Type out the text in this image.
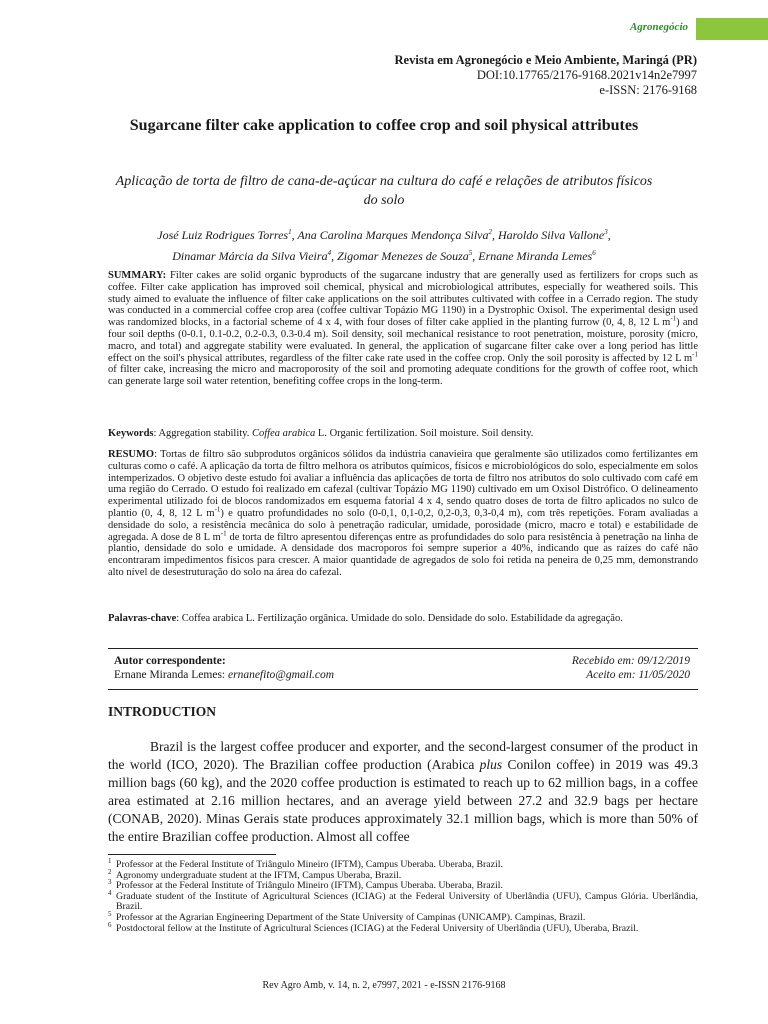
Agronegócio
Revista em Agronegócio e Meio Ambiente, Maringá (PR)
DOI:10.17765/2176-9168.2021v14n2e7997
e-ISSN: 2176-9168
Sugarcane filter cake application to coffee crop and soil physical attributes
Aplicação de torta de filtro de cana-de-açúcar na cultura do café e relações de atributos físicos do solo
José Luiz Rodrigues Torres$^1$, Ana Carolina Marques Mendonça Silva$^2$, Haroldo Silva Vallone$^3$,
Dinamar Márcia da Silva Vieira$^4$, Zigomar Menezes de Souza$^5$, Ernane Miranda Lemes$^6$
SUMMARY: Filter cakes are solid organic byproducts of the sugarcane industry that are generally used as fertilizers for crops such as coffee. Filter cake application has improved soil chemical, physical and microbiological attributes, especially for weathered soils. This study aimed to evaluate the influence of filter cake applications on the soil attributes cultivated with coffee in a Cerrado region. The study was conducted in a commercial coffee crop area (coffee cultivar Topázio MG 1190) in a Dystrophic Oxisol. The experimental design used was randomized blocks, in a factorial scheme of 4 x 4, with four doses of filter cake applied in the planting furrow (0, 4, 8, 12 L $m^{-1}$) and four soil depths (0-0.1, 0.1-0.2, 0.2-0.3, 0.3-0.4 m). Soil density, soil mechanical resistance to root penetration, moisture, porosity (micro, macro, and total) and aggregate stability were evaluated. In general, the application of sugarcane filter cake over a long period has little effect on the soil's physical attributes, regardless of the filter cake rate used in the coffee crop. Only the soil porosity is affected by 12 L $m^{-1}$ of filter cake, increasing the micro and macroporosity of the soil and promoting adequate conditions for the growth of coffee root, which can generate large soil water retention, benefiting coffee crops in the long-term.
Keywords: Aggregation stability. Coffea arabica L. Organic fertilization. Soil moisture. Soil density.
RESUMO: Tortas de filtro são subprodutos orgânicos sólidos da indústria canavieira que geralmente são utilizados como fertilizantes em culturas como o café. A aplicação da torta de filtro melhora os atributos químicos, físicos e microbiológicos do solo, especialmente em solos intemperizados. O objetivo deste estudo foi avaliar a influência das aplicações de torta de filtro nos atributos do solo cultivado com café em uma região do Cerrado. O estudo foi realizado em cafezal (cultivar Topázio MG 1190) cultivado em um Oxisol Distrófico. O delineamento experimental utilizado foi de blocos randomizados em esquema fatorial 4 x 4, sendo quatro doses de torta de filtro aplicados no sulco de plantio (0, 4, 8, 12 L $m^{-1}$) e quatro profundidades no solo (0-0,1, 0,1-0,2, 0,2-0,3, 0,3-0,4 m), com três repetições. Foram avaliadas a densidade do solo, a resistência mecânica do solo à penetração radicular, umidade, porosidade (micro, macro e total) e estabilidade de agregada. A dose de 8 L $m^{-1}$ de torta de filtro apresentou diferenças entre as profundidades do solo para resistência à penetração na linha de plantio, densidade do solo e umidade. A densidade dos macroporos foi sempre superior a 40%, indicando que as raízes do café não encontraram impedimentos físicos para crescer. A maior quantidade de agregados de solo foi retida na peneira de 0,25 mm, demonstrando alto nível de desestruturação do solo na área do cafezal.
Palavras-chave: Coffea arabica L. Fertilização orgânica. Umidade do solo. Densidade do solo. Estabilidade da agregação.
Autor correspondente:
Ernane Miranda Lemes: ernanefito@gmail.com
Recebido em: 09/12/2019
Aceito em: 11/05/2020
INTRODUCTION
Brazil is the largest coffee producer and exporter, and the second-largest consumer of the product in the world (ICO, 2020). The Brazilian coffee production (Arabica plus Conilon coffee) in 2019 was 49.3 million bags (60 kg), and the 2020 coffee production is estimated to reach up to 62 million bags, in a coffee area estimated at 2.16 million hectares, and an average yield between 27.2 and 32.9 bags per hectare (CONAB, 2020). Minas Gerais state produces approximately 32.1 million bags, which is more than 50% of the entire Brazilian coffee production. Almost all coffee
1 Professor at the Federal Institute of Triângulo Mineiro (IFTM), Campus Uberaba. Uberaba, Brazil.

2 Agronomy undergraduate student at the IFTM, Campus Uberaba, Brazil.

3 Professor at the Federal Institute of Triângulo Mineiro (IFTM), Campus Uberaba. Uberaba, Brazil.

4 Graduate student of the Institute of Agricultural Sciences (ICIAG) at the Federal University of Uberlândia (UFU), Campus Glória. Uberlândia, Brazil.

5 Professor at the Agrarian Engineering Department of the State University of Campinas (UNICAMP). Campinas, Brazil.

6 Postdoctoral fellow at the Institute of Agricultural Sciences (ICIAG) at the Federal University of Uberlândia (UFU), Uberaba, Brazil.

Rev Agro Amb, v. 14, n. 2, e7997, 2021 - e-ISSN 2176-9168
